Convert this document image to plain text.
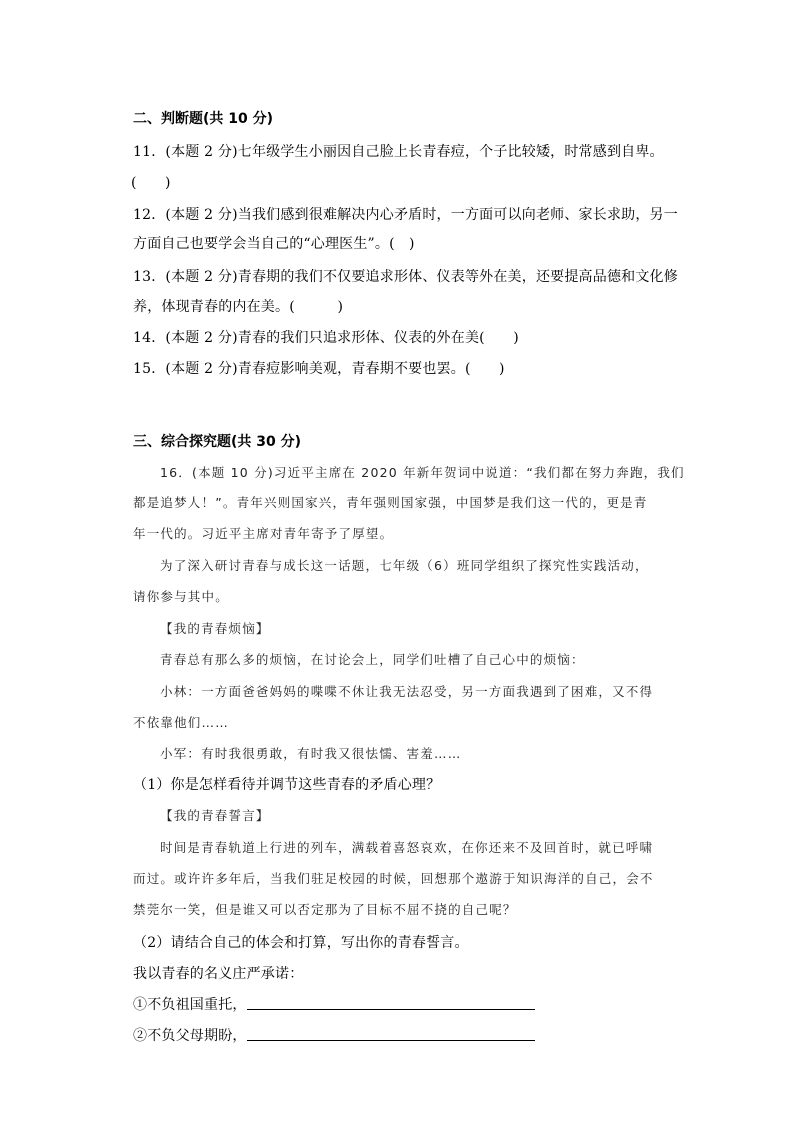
二、判断题(共 10 分)
11．(本题 2 分)七年级学生小丽因自己脸上长青春痘，个子比较矮，时常感到自卑。
(　　)
12．(本题 2 分)当我们感到很难解决内心矛盾时，一方面可以向老师、家长求助，另一
方面自己也要学会当自己的“心理医生”。(　)
13．(本题 2 分)青春期的我们不仅要追求形体、仪表等外在美，还要提高品德和文化修
养，体现青春的内在美。(　　　)
14．(本题 2 分)青春的我们只追求形体、仪表的外在美(　　)
15．(本题 2 分)青春痘影响美观，青春期不要也罢。(　　)
三、综合探究题(共 30 分)
16．(本题 10 分)习近平主席在 2020 年新年贺词中说道：“我们都在努力奔跑，我们
都是追梦人！”。青年兴则国家兴，青年强则国家强，中国梦是我们这一代的，更是青
年一代的。习近平主席对青年寄予了厚望。
为了深入研讨青春与成长这一话题，七年级（6）班同学组织了探究性实践活动，
请你参与其中。
【我的青春烦恼】
青春总有那么多的烦恼，在讨论会上，同学们吐槽了自己心中的烦恼：
小林：一方面爸爸妈妈的喋喋不休让我无法忍受，另一方面我遇到了困难，又不得
不依靠他们……
小军：有时我很勇敢，有时我又很怯懦、害羞……
（1）你是怎样看待并调节这些青春的矛盾心理？
【我的青春誓言】
时间是青春轨道上行进的列车，满载着喜怒哀欢，在你还来不及回首时，就已呼啸
而过。或许许多年后，当我们驻足校园的时候，回想那个遨游于知识海洋的自己，会不
禁莞尔一笑，但是谁又可以否定那为了目标不屈不挠的自己呢？
（2）请结合自己的体会和打算，写出你的青春誓言。
我以青春的名义庄严承诺：
①不负祖国重托，
②不负父母期盼，
